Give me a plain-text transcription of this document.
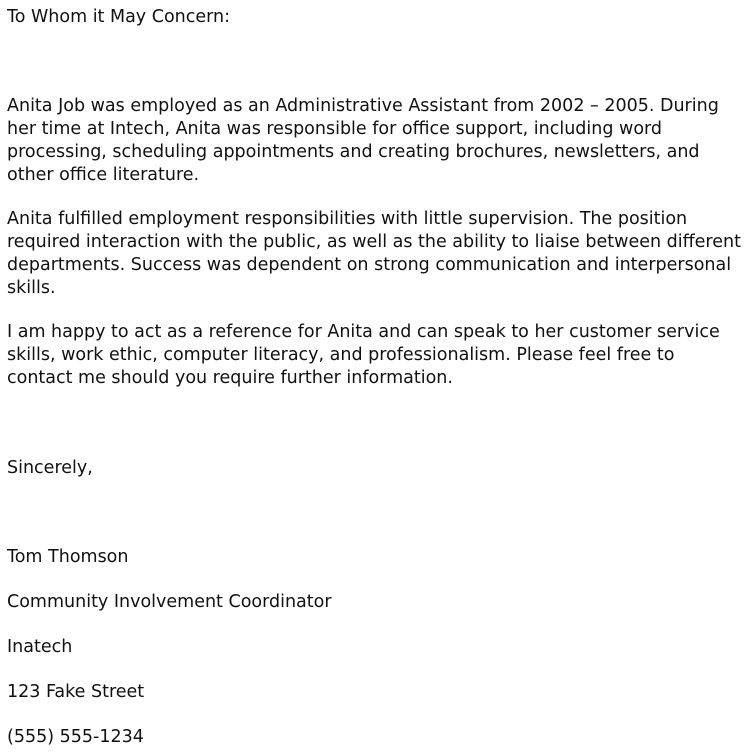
To Whom it May Concern:

Anita Job was employed as an Administrative Assistant from 2002 – 2005. During her time at Intech, Anita was responsible for office support, including word processing, scheduling appointments and creating brochures, newsletters, and other office literature.

Anita fulfilled employment responsibilities with little supervision. The position required interaction with the public, as well as the ability to liaise between different departments. Success was dependent on strong communication and interpersonal skills.

I am happy to act as a reference for Anita and can speak to her customer service skills, work ethic, computer literacy, and professionalism. Please feel free to contact me should you require further information.

Sincerely,

Tom Thomson

Community Involvement Coordinator

Inatech

123 Fake Street

(555) 555-1234
